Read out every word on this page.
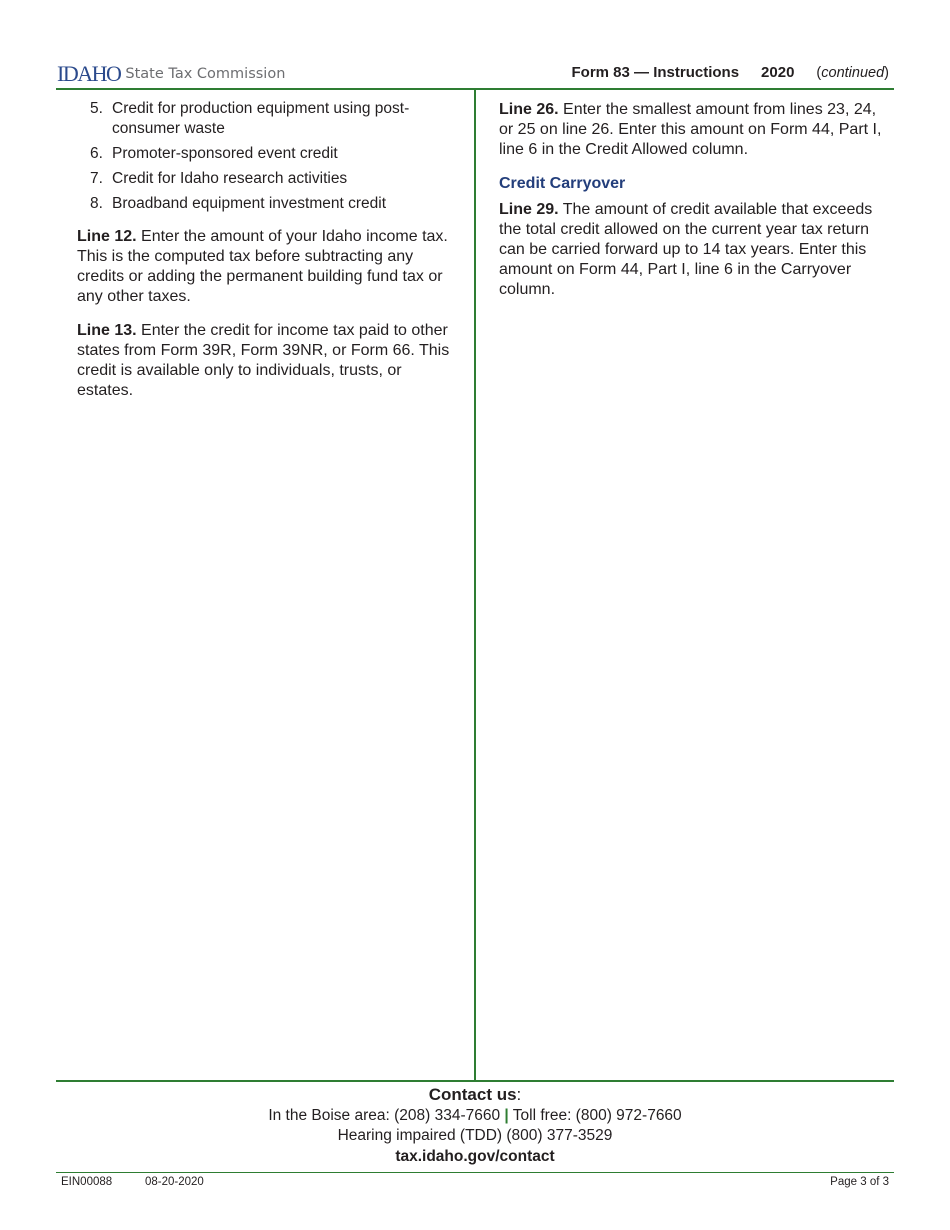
IDAHO State Tax Commission	Form 83 — Instructions 2020 (continued)
5. Credit for production equipment using post-consumer waste
6. Promoter-sponsored event credit
7. Credit for Idaho research activities
8. Broadband equipment investment credit

Line 12. Enter the amount of your Idaho income tax. This is the computed tax before subtracting any credits or adding the permanent building fund tax or any other taxes.

Line 13. Enter the credit for income tax paid to other states from Form 39R, Form 39NR, or Form 66. This credit is available only to individuals, trusts, or estates.

Line 26. Enter the smallest amount from lines 23, 24, or 25 on line 26. Enter this amount on Form 44, Part I, line 6 in the Credit Allowed column.

Credit Carryover

Line 29. The amount of credit available that exceeds the total credit allowed on the current year tax return can be carried forward up to 14 tax years. Enter this amount on Form 44, Part I, line 6 in the Carryover column.

Contact us:
In the Boise area: (208) 334-7660 | Toll free: (800) 972-7660
Hearing impaired (TDD) (800) 377-3529
tax.idaho.gov/contact
EIN00088	08-20-2020	Page 3 of 3
